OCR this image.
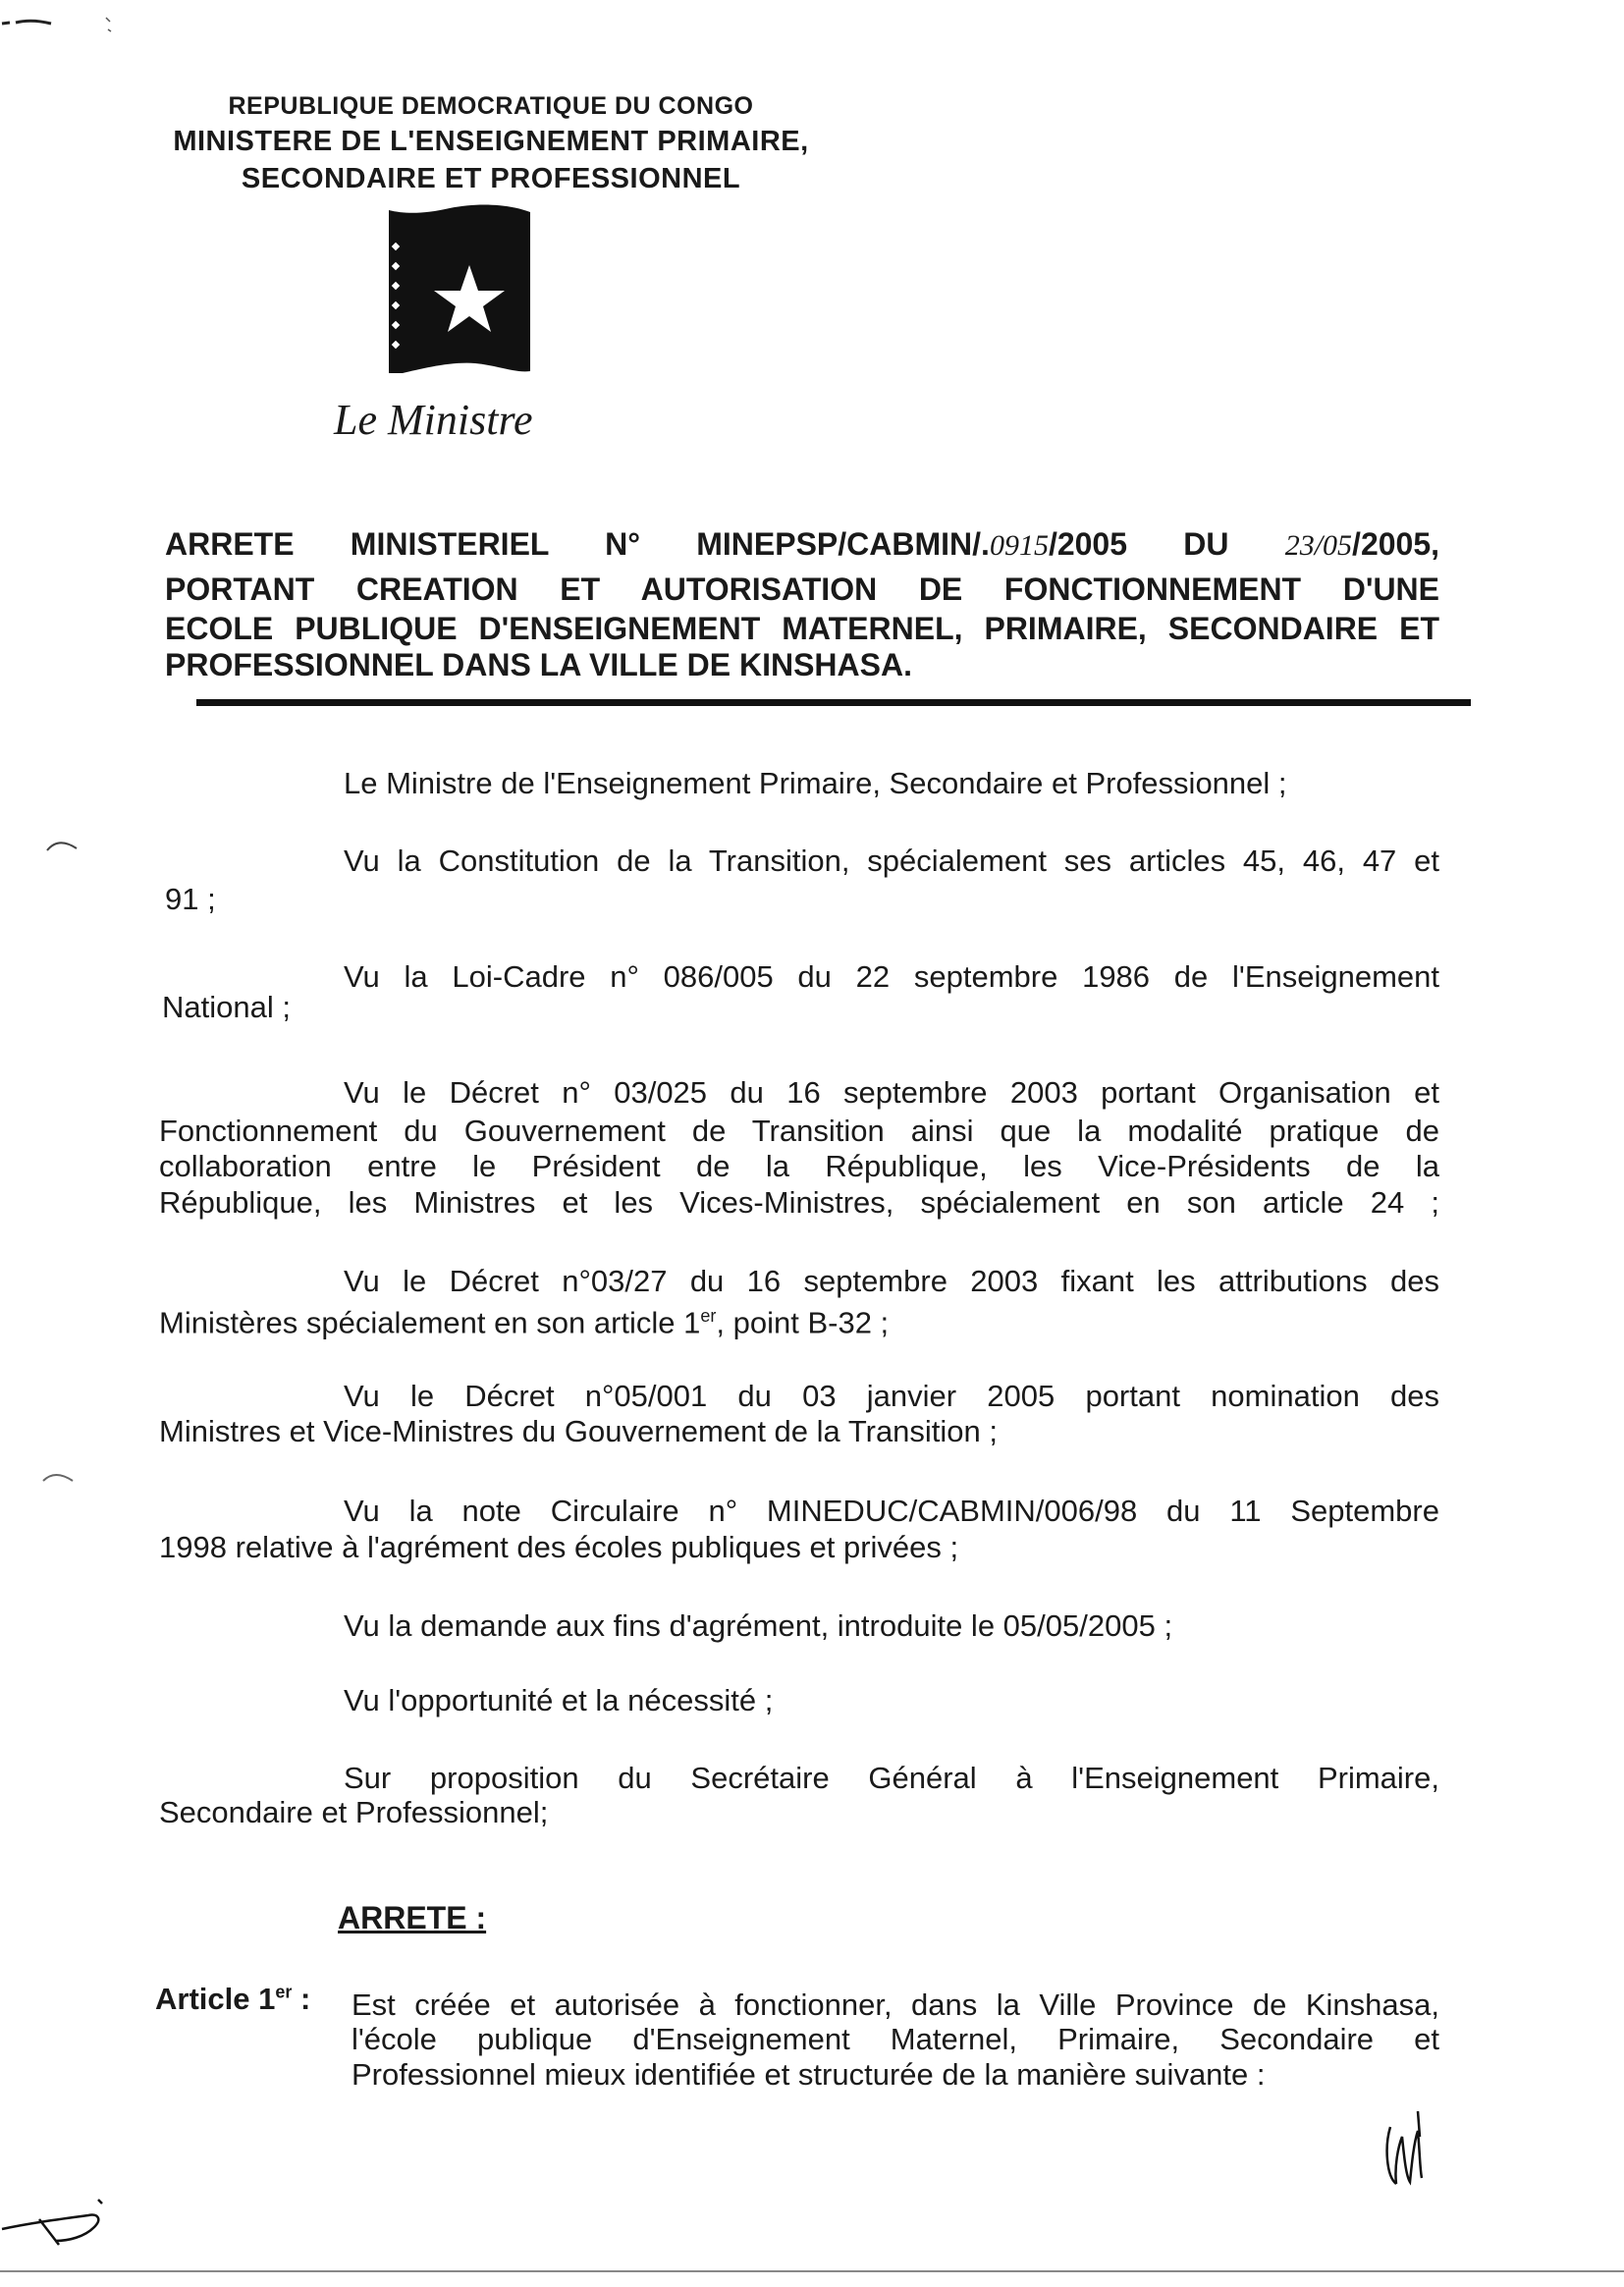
REPUBLIQUE DEMOCRATIQUE DU CONGO
MINISTERE DE L'ENSEIGNEMENT PRIMAIRE,
SECONDAIRE ET PROFESSIONNEL
Le Ministre
ARRETE MINISTERIEL N° MINEPSP/CABMIN/.0915/2005 DU 23/05/2005,
PORTANT CREATION ET AUTORISATION DE FONCTIONNEMENT D'UNE
ECOLE PUBLIQUE D'ENSEIGNEMENT MATERNEL, PRIMAIRE, SECONDAIRE ET
PROFESSIONNEL DANS LA VILLE DE KINSHASA.
Le Ministre de l'Enseignement Primaire, Secondaire et Professionnel ;
Vu la Constitution de la Transition, spécialement ses articles 45, 46, 47 et
91 ;
Vu la Loi-Cadre n° 086/005 du 22 septembre 1986 de l'Enseignement
National ;
Vu le Décret n° 03/025 du 16 septembre 2003 portant Organisation et
Fonctionnement du Gouvernement de Transition ainsi que la modalité pratique de
collaboration entre le Président de la République, les Vice-Présidents de la
République, les Ministres et les Vices-Ministres, spécialement en son article 24 ;
Vu le Décret n°03/27 du 16 septembre 2003 fixant les attributions des
Ministères spécialement en son article 1er, point B-32 ;
Vu le Décret n°05/001 du 03 janvier 2005 portant nomination des
Ministres et Vice-Ministres du Gouvernement de la Transition ;
Vu la note Circulaire n° MINEDUC/CABMIN/006/98 du 11 Septembre
1998 relative à l'agrément des écoles publiques et privées ;
Vu la demande aux fins d'agrément, introduite le 05/05/2005 ;
Vu l'opportunité et la nécessité ;
Sur proposition du Secrétaire Général à l'Enseignement Primaire,
Secondaire et Professionnel;
ARRETE :
Article 1er : Est créée et autorisée à fonctionner, dans la Ville Province de Kinshasa,
l'école publique d'Enseignement Maternel, Primaire, Secondaire et
Professionnel mieux identifiée et structurée de la manière suivante :
